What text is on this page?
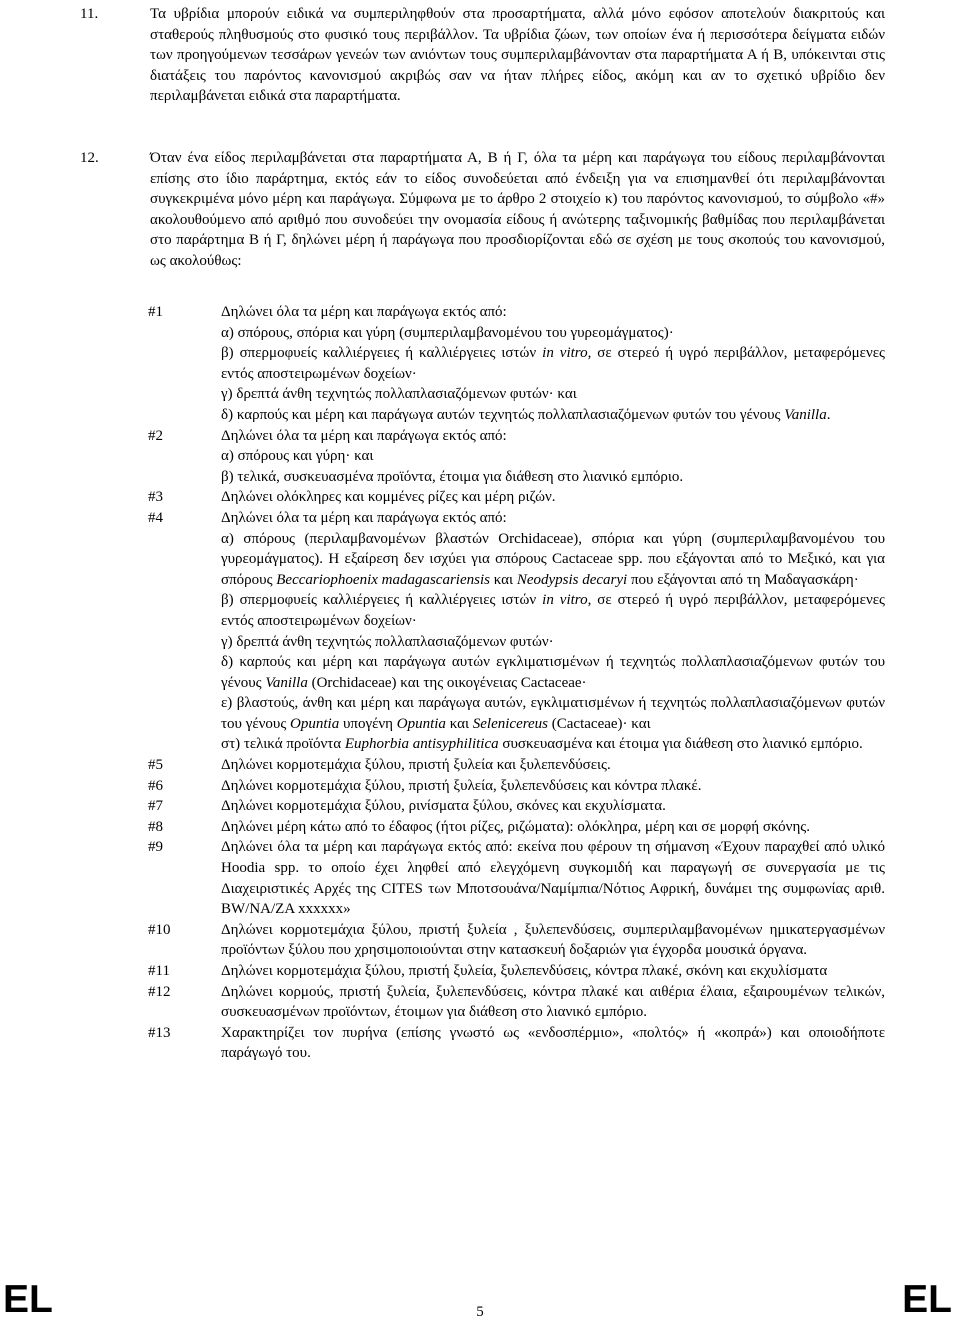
11.	Τα υβρίδια μπορούν ειδικά να συμπεριληφθούν στα προσαρτήματα, αλλά μόνο εφόσον αποτελούν διακριτούς και σταθερούς πληθυσμούς στο φυσικό τους περιβάλλον. Τα υβρίδια ζώων, των οποίων ένα ή περισσότερα δείγματα ειδών των προηγούμενων τεσσάρων γενεών των ανιόντων τους συμπεριλαμβάνονταν στα παραρτήματα Α ή Β, υπόκεινται στις διατάξεις του παρόντος κανονισμού ακριβώς σαν να ήταν πλήρες είδος, ακόμη και αν το σχετικό υβρίδιο δεν περιλαμβάνεται ειδικά στα παραρτήματα.
12.	Όταν ένα είδος περιλαμβάνεται στα παραρτήματα Α, Β ή Γ, όλα τα μέρη και παράγωγα του είδους περιλαμβάνονται επίσης στο ίδιο παράρτημα, εκτός εάν το είδος συνοδεύεται από ένδειξη για να επισημανθεί ότι περιλαμβάνονται συγκεκριμένα μόνο μέρη και παράγωγα. Σύμφωνα με το άρθρο 2 στοιχείο κ) του παρόντος κανονισμού, το σύμβολο «#» ακολουθούμενο από αριθμό που συνοδεύει την ονομασία είδους ή ανώτερης ταξινομικής βαθμίδας που περιλαμβάνεται στο παράρτημα Β ή Γ, δηλώνει μέρη ή παράγωγα που προσδιορίζονται εδώ σε σχέση με τους σκοπούς του κανονισμού, ως ακολούθως:
#1	Δηλώνει όλα τα μέρη και παράγωγα εκτός από:
α) σπόρους, σπόρια και γύρη (συμπεριλαμβανομένου του γυρεομάγματος)·
β) σπερμοφυείς καλλιέργειες ή καλλιέργειες ιστών in vitro, σε στερεό ή υγρό περιβάλλον, μεταφερόμενες εντός αποστειρωμένων δοχείων·
γ) δρεπτά άνθη τεχνητώς πολλαπλασιαζόμενων φυτών· και
δ) καρπούς και μέρη και παράγωγα αυτών τεχνητώς πολλαπλασιαζόμενων φυτών του γένους Vanilla.
#2	Δηλώνει όλα τα μέρη και παράγωγα εκτός από:
α) σπόρους και γύρη· και
β) τελικά, συσκευασμένα προϊόντα, έτοιμα για διάθεση στο λιανικό εμπόριο.
#3	Δηλώνει ολόκληρες και κομμένες ρίζες και μέρη ριζών.
#4	Δηλώνει όλα τα μέρη και παράγωγα εκτός από:
α) σπόρους (περιλαμβανομένων βλαστών Orchidaceae), σπόρια και γύρη (συμπεριλαμβανομένου του γυρεομάγματος). Η εξαίρεση δεν ισχύει για σπόρους Cactaceae spp. που εξάγονται από το Μεξικό, και για σπόρους Beccariophoenix madagascariensis και Neodypsis decaryi που εξάγονται από τη Μαδαγασκάρη·
β) σπερμοφυείς καλλιέργειες ή καλλιέργειες ιστών in vitro, σε στερεό ή υγρό περιβάλλον, μεταφερόμενες εντός αποστειρωμένων δοχείων·
γ) δρεπτά άνθη τεχνητώς πολλαπλασιαζόμενων φυτών·
δ) καρπούς και μέρη και παράγωγα αυτών εγκλιματισμένων ή τεχνητώς πολλαπλασιαζόμενων φυτών του γένους Vanilla (Orchidaceae) και της οικογένειας Cactaceae·
ε) βλαστούς, άνθη και μέρη και παράγωγα αυτών, εγκλιματισμένων ή τεχνητώς πολλαπλασιαζόμενων φυτών του γένους Opuntia υπογένη Opuntia και Selenicereus (Cactaceae)· και
στ) τελικά προϊόντα Euphorbia antisyphilitica συσκευασμένα και έτοιμα για διάθεση στο λιανικό εμπόριο.
#5	Δηλώνει κορμοτεμάχια ξύλου, πριστή ξυλεία και ξυλεπενδύσεις.
#6	Δηλώνει κορμοτεμάχια ξύλου, πριστή ξυλεία, ξυλεπενδύσεις και κόντρα πλακέ.
#7	Δηλώνει κορμοτεμάχια ξύλου, ρινίσματα ξύλου, σκόνες και εκχυλίσματα.
#8	Δηλώνει μέρη κάτω από το έδαφος (ήτοι ρίζες, ριζώματα): ολόκληρα, μέρη και σε μορφή σκόνης.
#9	Δηλώνει όλα τα μέρη και παράγωγα εκτός από: εκείνα που φέρουν τη σήμανση «Έχουν παραχθεί από υλικό Hoodia spp. το οποίο έχει ληφθεί από ελεγχόμενη συγκομιδή και παραγωγή σε συνεργασία με τις Διαχειριστικές Αρχές της CITES των Μποτσουάνα/Ναμίμπια/Νότιος Αφρική, δυνάμει της συμφωνίας αριθ. BW/NA/ZA xxxxxx»
#10	Δηλώνει κορμοτεμάχια ξύλου, πριστή ξυλεία , ξυλεπενδύσεις, συμπεριλαμβανομένων ημικατεργασμένων προϊόντων ξύλου που χρησιμοποιούνται στην κατασκευή δοξαριών για έγχορδα μουσικά όργανα.
#11	Δηλώνει κορμοτεμάχια ξύλου, πριστή ξυλεία, ξυλεπενδύσεις, κόντρα πλακέ, σκόνη και εκχυλίσματα
#12	Δηλώνει κορμούς, πριστή ξυλεία, ξυλεπενδύσεις, κόντρα πλακέ και αιθέρια έλαια, εξαιρουμένων τελικών, συσκευασμένων προϊόντων, έτοιμων για διάθεση στο λιανικό εμπόριο.
#13	Χαρακτηρίζει τον πυρήνα (επίσης γνωστό ως «ενδοσπέρμιο», «πολτός» ή «κοπρά») και οποιοδήποτε παράγωγό του.
EL	5	EL
